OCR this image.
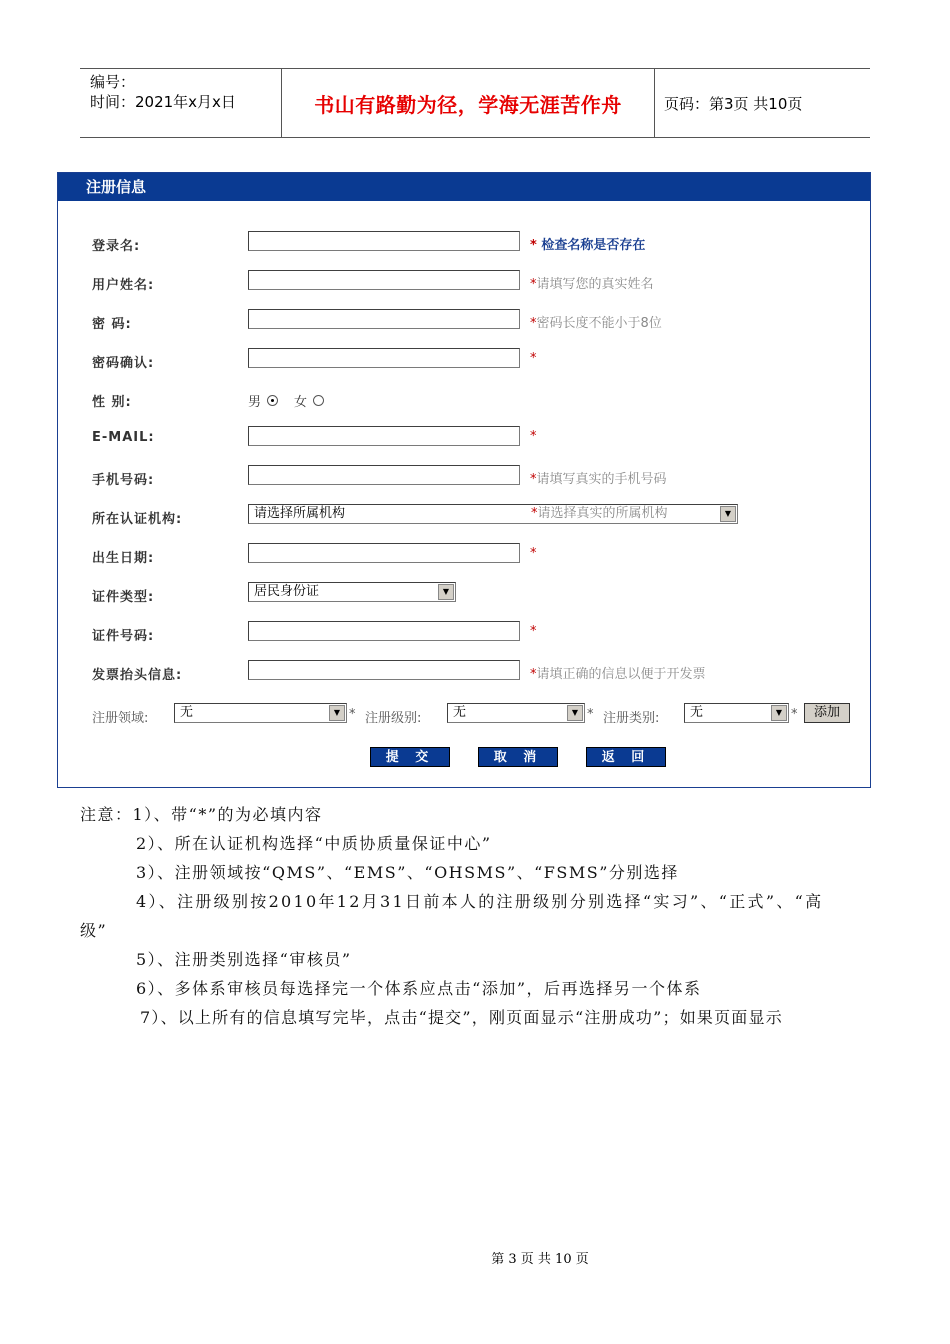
编号：
时间：2021年x月x日	书山有路勤为径，学海无涯苦作舟	页码：第3页 共10页
注册信息
登录名:	* 检查名称是否存在
用户姓名:	*请填写您的真实姓名
密 码:	*密码长度不能小于8位
密码确认:	*
性 别:	男	女
E-MAIL:	*
手机号码:	*请填写真实的手机号码
所在认证机构:	请选择所属机构	*请选择真实的所属机构	▼
出生日期:	*
证件类型:	居民身份证	▼
证件号码:	*
发票抬头信息:	*请填正确的信息以便于开发票
注册领域:	无	▼ * 注册级别:	无	▼ * 注册类别:	无	▼ *	添加
提 交	取 消	返 回
注意：1）、带“*”的为必填内容
2）、所在认证机构选择“中质协质量保证中心”
3）、注册领域按“QMS”、“EMS”、“OHSMS”、“FSMS”分别选择
4）、注册级别按2010年12月31日前本人的注册级别分别选择“实习”、“正式”、“高
级”
5）、注册类别选择“审核员”
6）、多体系审核员每选择完一个体系应点击“添加”，后再选择另一个体系
7）、以上所有的信息填写完毕，点击“提交”，刚页面显示“注册成功”；如果页面显示
第 3 页 共 10 页
